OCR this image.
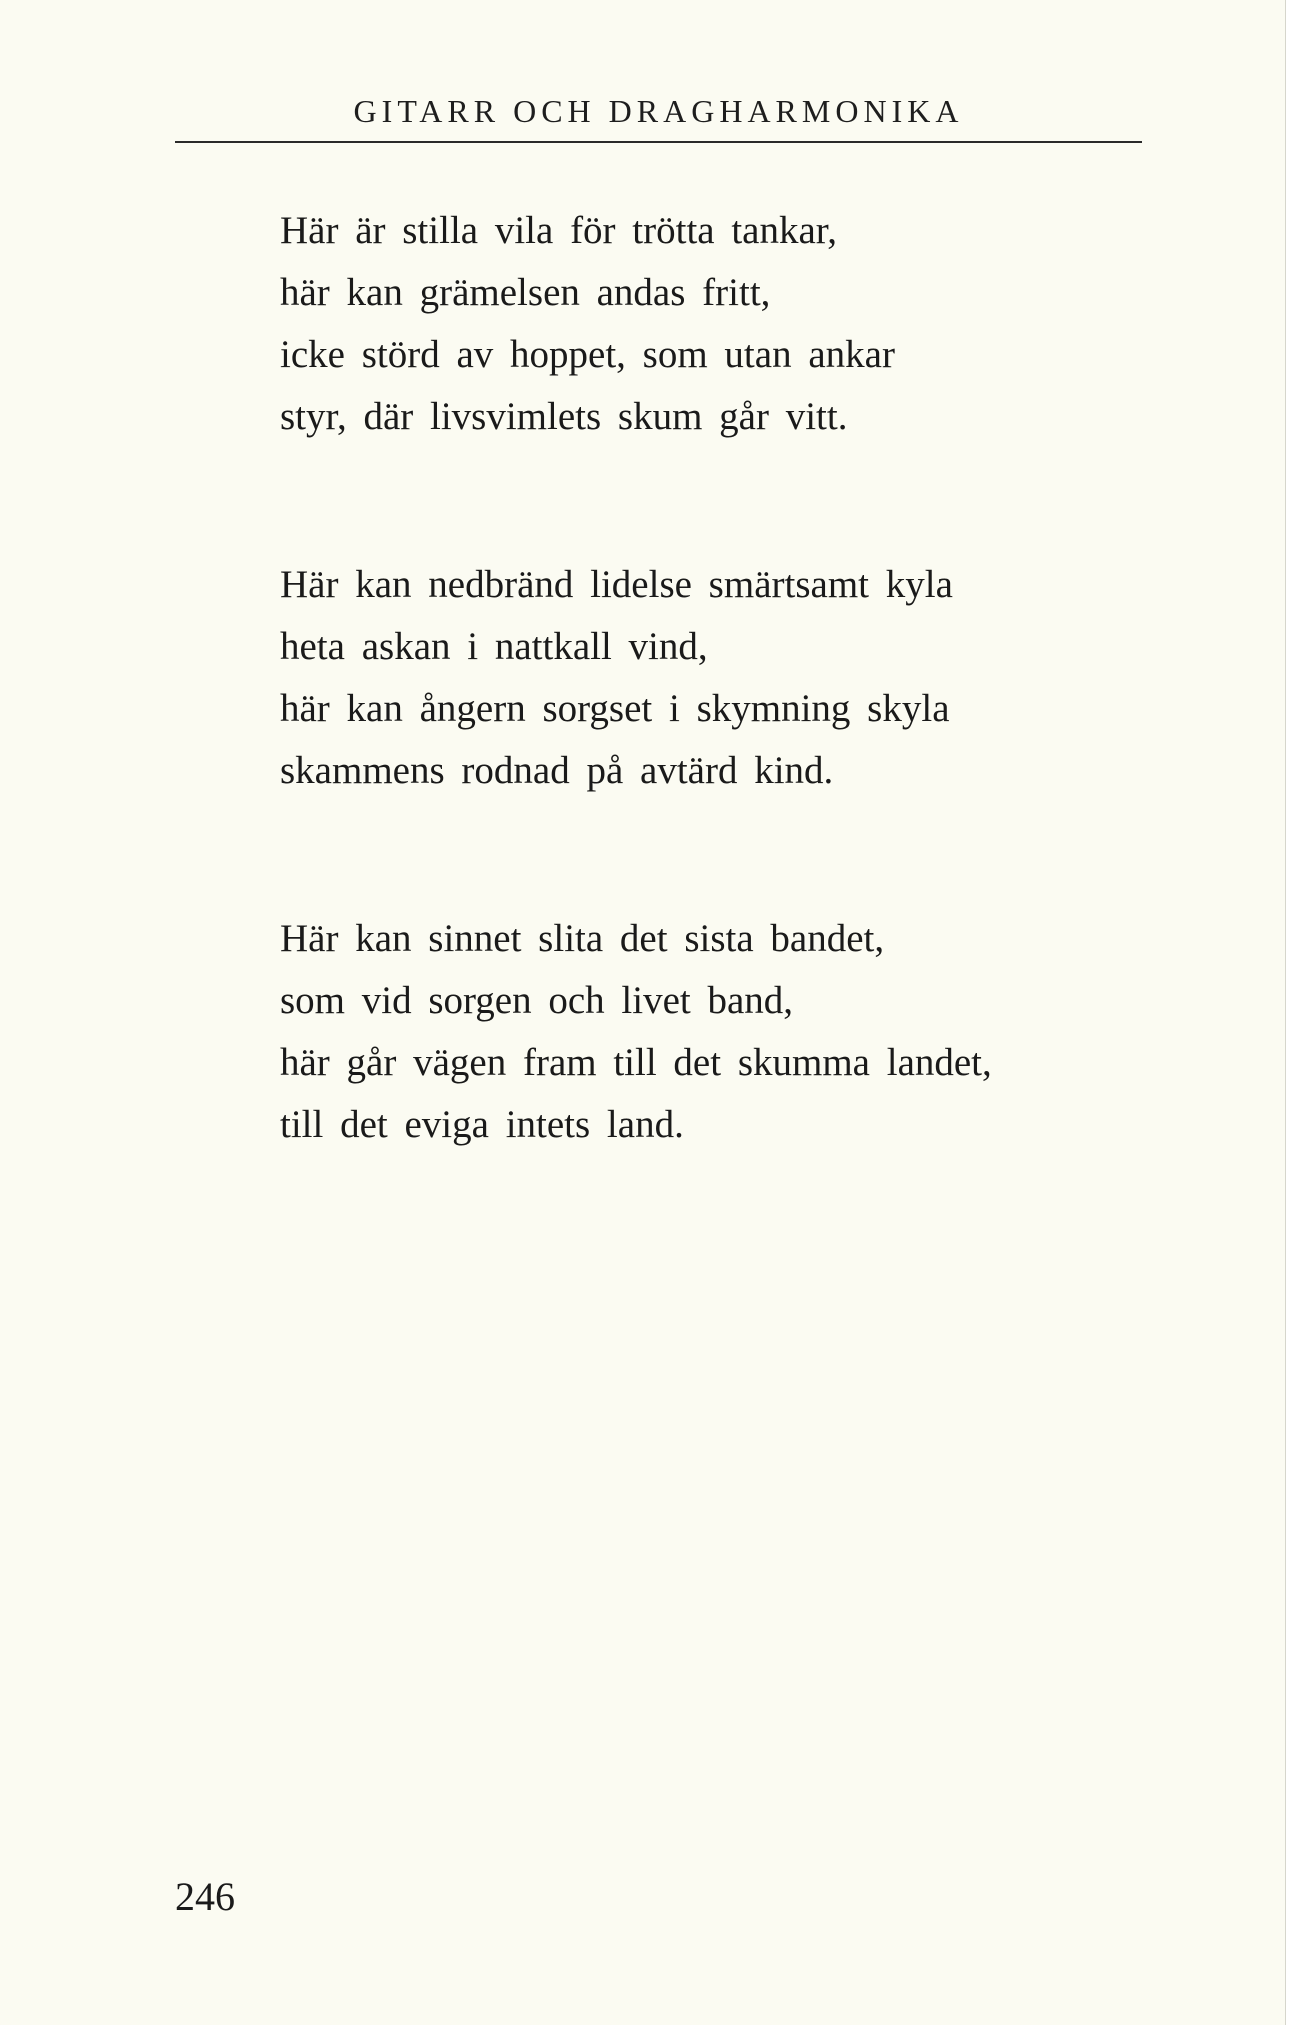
GITARR OCH DRAGHARMONIKA
Här är stilla vila för trötta tankar,
här kan grämelsen andas fritt,
icke störd av hoppet, som utan ankar
styr, där livsvimlets skum går vitt.
Här kan nedbränd lidelse smärtsamt kyla
heta askan i nattkall vind,
här kan ångern sorgset i skymning skyla
skammens rodnad på avtärd kind.
Här kan sinnet slita det sista bandet,
som vid sorgen och livet band,
här går vägen fram till det skumma landet,
till det eviga intets land.
246
